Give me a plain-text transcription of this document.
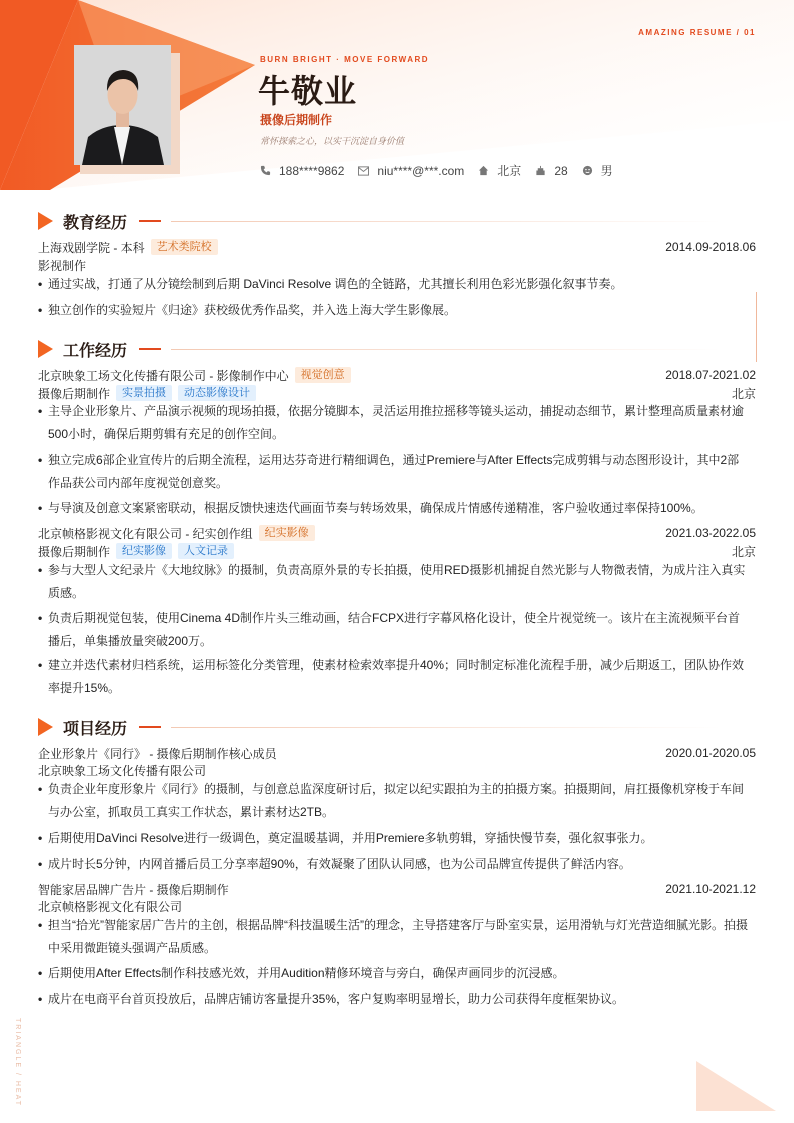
AMAZING RESUME / 01
BURN BRIGHT · MOVE FORWARD
牛敬业
摄像后期制作
常怀探索之心，以实干沉淀自身价值
188****9862	niu****@***.com	北京	28	男
教育经历
上海戏剧学院 - 本科	艺术类院校	2014.09-2018.06
影视制作
• 通过实战，打通了从分镜绘制到后期 DaVinci Resolve 调色的全链路，尤其擅长利用色彩光影强化叙事节奏。
• 独立创作的实验短片《归途》获校级优秀作品奖，并入选上海大学生影像展。
工作经历
北京映象工场文化传播有限公司 - 影像制作中心	视觉创意	2018.07-2021.02
摄像后期制作	实景拍摄	动态影像设计	北京
• 主导企业形象片、产品演示视频的现场拍摄，依据分镜脚本，灵活运用推拉摇移等镜头运动，捕捉动态细节，累计整理高质量素材逾500小时，确保后期剪辑有充足的创作空间。
• 独立完成6部企业宣传片的后期全流程，运用达芬奇进行精细调色，通过Premiere与After Effects完成剪辑与动态图形设计，其中2部作品获公司内部年度视觉创意奖。
• 与导演及创意文案紧密联动，根据反馈快速迭代画面节奏与转场效果，确保成片情感传递精准，客户验收通过率保持100%。
北京帧格影视文化有限公司 - 纪实创作组	纪实影像	2021.03-2022.05
摄像后期制作	纪实影像	人文记录	北京
• 参与大型人文纪录片《大地纹脉》的摄制，负责高原外景的专长拍摄，使用RED摄影机捕捉自然光影与人物微表情，为成片注入真实质感。
• 负责后期视觉包装，使用Cinema 4D制作片头三维动画，结合FCPX进行字幕风格化设计，使全片视觉统一。该片在主流视频平台首播后，单集播放量突破200万。
• 建立并迭代素材归档系统，运用标签化分类管理，使素材检索效率提升40%；同时制定标准化流程手册，减少后期返工，团队协作效率提升15%。
项目经历
企业形象片《同行》 - 摄像后期制作核心成员	2020.01-2020.05
北京映象工场文化传播有限公司
• 负责企业年度形象片《同行》的摄制，与创意总监深度研讨后，拟定以纪实跟拍为主的拍摄方案。拍摄期间，肩扛摄像机穿梭于车间与办公室，抓取员工真实工作状态，累计素材达2TB。
• 后期使用DaVinci Resolve进行一级调色，奠定温暖基调，并用Premiere多轨剪辑，穿插快慢节奏，强化叙事张力。
• 成片时长5分钟，内网首播后员工分享率超90%，有效凝聚了团队认同感，也为公司品牌宣传提供了鲜活内容。
智能家居品牌广告片 - 摄像后期制作	2021.10-2021.12
北京帧格影视文化有限公司
• 担当“拾光”智能家居广告片的主创，根据品牌“科技温暖生活”的理念，主导搭建客厅与卧室实景，运用滑轨与灯光营造细腻光影。拍摄中采用微距镜头强调产品质感。
• 后期使用After Effects制作科技感光效，并用Audition精修环境音与旁白，确保声画同步的沉浸感。
• 成片在电商平台首页投放后，品牌店铺访客量提升35%，客户复购率明显增长，助力公司获得年度框架协议。
TRIANGLE / HEAT
